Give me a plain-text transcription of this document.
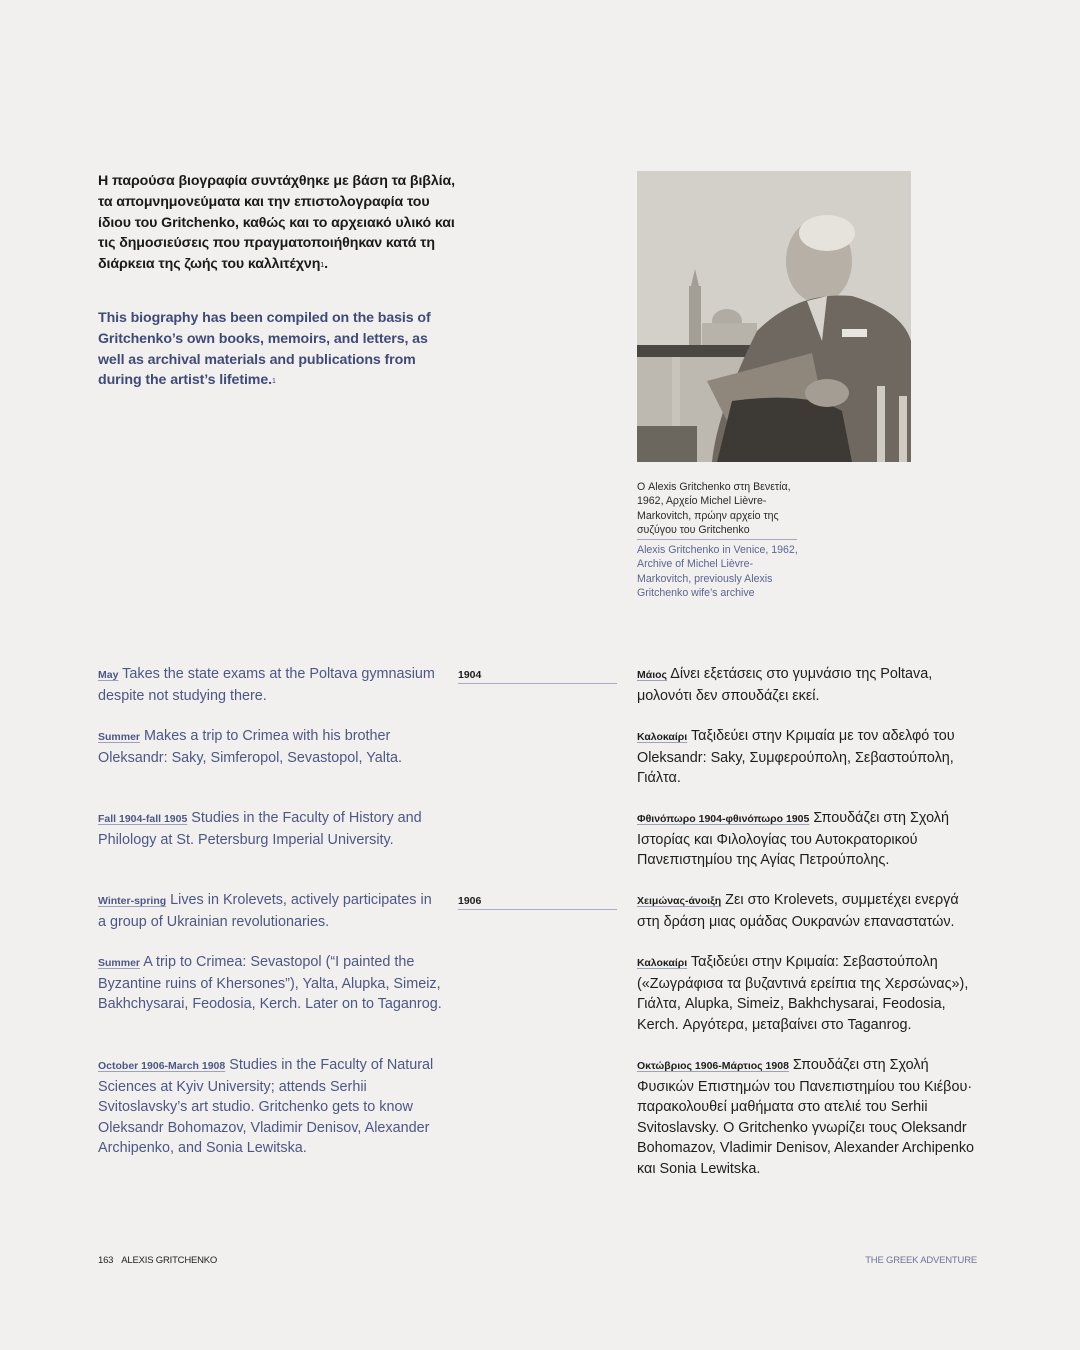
Η παρούσα βιογραφία συντάχθηκε με βάση τα βιβλία, τα απομνημονεύματα και την επιστολογραφία του ίδιου του Gritchenko, καθώς και το αρχειακό υλικό και τις δημοσιεύσεις που πραγματοποιήθηκαν κατά τη διάρκεια της ζωής του καλλιτέχνη$^1$.

This biography has been compiled on the basis of Gritchenko’s own books, memoirs, and letters, as well as archival materials and publications from during the artist’s lifetime.$^1$

Ο Alexis Gritchenko στη Βενετία, 1962, Αρχείο Michel Lièvre-Markovitch, πρώην αρχείο της συζύγου του Gritchenko

Alexis Gritchenko in Venice, 1962, Archive of Michel Lièvre-Markovitch, previously Alexis Gritchenko wife’s archive

1904
1906

May Takes the state exams at the Poltava gymnasium despite not studying there.

Summer Makes a trip to Crimea with his brother Oleksandr: Saky, Simferopol, Sevastopol, Yalta.

Fall 1904-fall 1905 Studies in the Faculty of History and Philology at St. Petersburg Imperial University.

Winter-spring Lives in Krolevets, actively participates in a group of Ukrainian revolutionaries.

Summer A trip to Crimea: Sevastopol (“I painted the Byzantine ruins of Khersones”), Yalta, Alupka, Simeiz, Bakhchysarai, Feodosia, Kerch. Later on to Taganrog.

October 1906-March 1908 Studies in the Faculty of Natural Sciences at Kyiv University; attends Serhii Svitoslavsky’s art studio. Gritchenko gets to know Oleksandr Bohomazov, Vladimir Denisov, Alexander Archipenko, and Sonia Lewitska.

Μάιος Δίνει εξετάσεις στο γυμνάσιο της Poltava, μολονότι δεν σπουδάζει εκεί.

Καλοκαίρι Ταξιδεύει στην Κριμαία με τον αδελφό του Oleksandr: Saky, Συμφερούπολη, Σεβαστούπολη, Γιάλτα.

Φθινόπωρο 1904-φθινόπωρο 1905 Σπουδάζει στη Σχολή Ιστορίας και Φιλολογίας του Αυτοκρατορικού Πανεπιστημίου της Αγίας Πετρούπολης.

Χειμώνας-άνοιξη Ζει στο Krolevets, συμμετέχει ενεργά στη δράση μιας ομάδας Ουκρανών επαναστατών.

Καλοκαίρι Ταξιδεύει στην Κριμαία: Σεβαστούπολη («Ζωγράφισα τα βυζαντινά ερείπια της Χερσώνας»), Γιάλτα, Alupka, Simeiz, Bakhchysarai, Feodosia, Kerch. Αργότερα, μεταβαίνει στο Taganrog.

Οκτώβριος 1906-Μάρτιος 1908 Σπουδάζει στη Σχολή Φυσικών Επιστημών του Πανεπιστημίου του Κιέβου· παρακολουθεί μαθήματα στο ατελιέ του Serhii Svitoslavsky. Ο Gritchenko γνωρίζει τους Oleksandr Bohomazov, Vladimir Denisov, Alexander Archipenko και Sonia Lewitska.

163 ALEXIS GRITCHENKO	THE GREEK ADVENTURE
